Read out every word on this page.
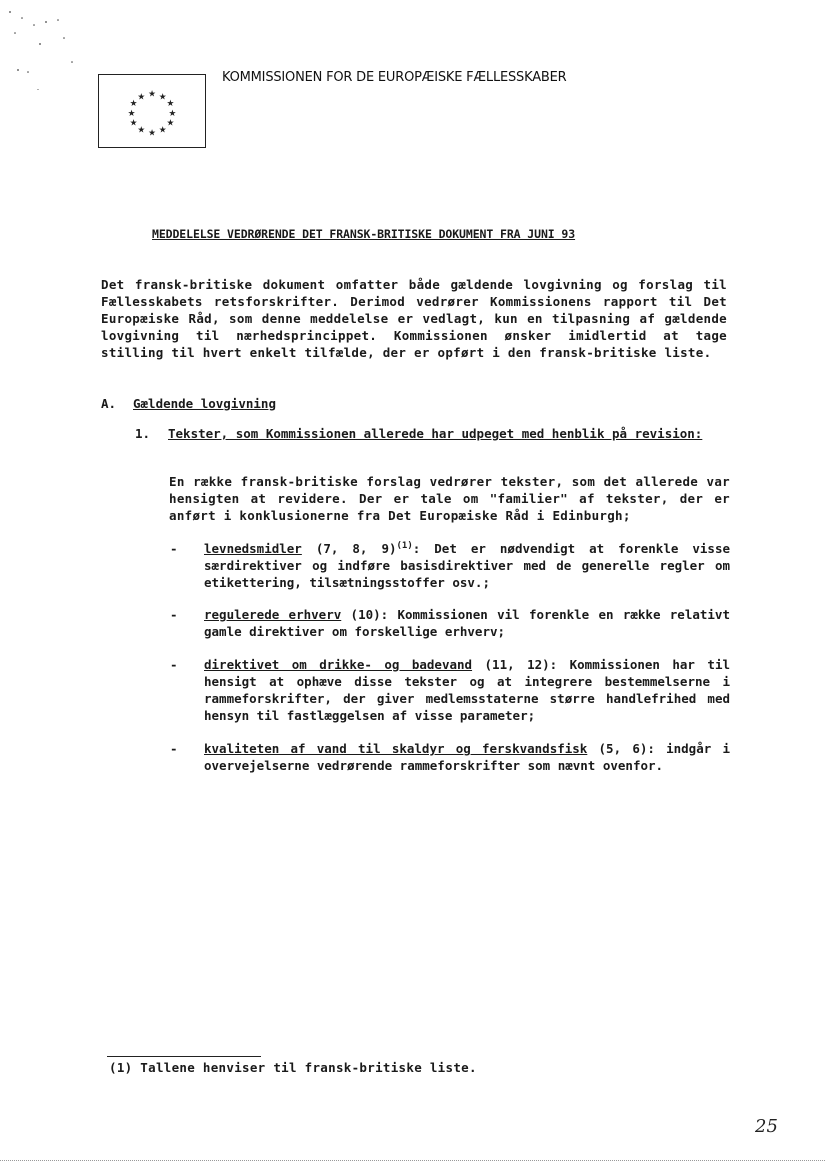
★ ★
★
★
★
★
★
★
★
★
★
★
KOMMISSIONEN FOR DE EUROPÆISKE FÆLLESSKABER
MEDDELELSE VEDRØRENDE DET FRANSK-BRITISKE DOKUMENT FRA JUNI 93

Det fransk-britiske dokument omfatter både gældende lovgivning og forslag til Fællesskabets retsforskrifter. Derimod vedrører Kommissionens rapport til Det Europæiske Råd, som denne meddelelse er vedlagt, kun en tilpasning af gældende lovgivning til nærhedsprincippet. Kommissionen ønsker imidlertid at tage stilling til hvert enkelt tilfælde, der er opført i den fransk-britiske liste.

A. Gældende lovgivning
1. Tekster, som Kommissionen allerede har udpeget med henblik på revision:

En række fransk-britiske forslag vedrører tekster, som det allerede var hensigten at revidere. Der er tale om "familier" af tekster, der er anført i konklusionerne fra Det Europæiske Råd i Edinburgh;

- levnedsmidler (7, 8, 9)$^{(1)}$: Det er nødvendigt at forenkle visse særdirektiver og indføre basisdirektiver med de generelle regler om etikettering, tilsætningsstoffer osv.;

- regulerede erhverv (10): Kommissionen vil forenkle en række relativt gamle direktiver om forskellige erhverv;

- direktivet om drikke- og badevand (11, 12): Kommissionen har til hensigt at ophæve disse tekster og at integrere bestemmelserne i rammeforskrifter, der giver medlemsstaterne større handlefrihed med hensyn til fastlæggelsen af visse parameter;

- kvaliteten af vand til skaldyr og ferskvandsfisk (5, 6): indgår i overvejelserne vedrørende rammeforskrifter som nævnt ovenfor.

(1) Tallene henviser til fransk-britiske liste.
25
